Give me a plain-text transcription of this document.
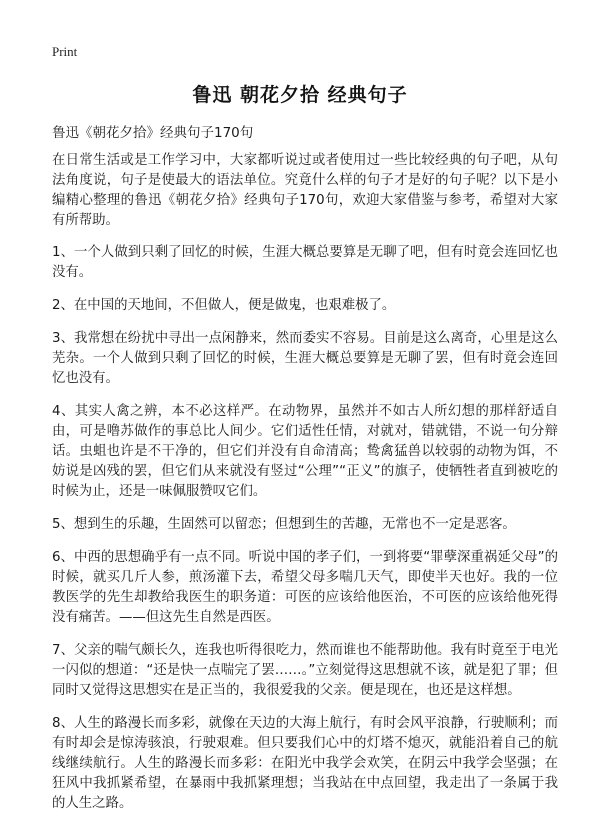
Print
鲁迅 朝花夕拾 经典句子

鲁迅《朝花夕拾》经典句子170句

在日常生活或是工作学习中，大家都听说过或者使用过一些比较经典的句子吧，从句法角度说，句子是使最大的语法单位。究竟什么样的句子才是好的句子呢？以下是小编精心整理的鲁迅《朝花夕拾》经典句子170句，欢迎大家借鉴与参考，希望对大家有所帮助。

1、一个人做到只剩了回忆的时候，生涯大概总要算是无聊了吧，但有时竟会连回忆也没有。

2、在中国的天地间，不但做人，便是做鬼，也艰难极了。

3、我常想在纷扰中寻出一点闲静来，然而委实不容易。目前是这么离奇，心里是这么芜杂。一个人做到只剩了回忆的时候，生涯大概总要算是无聊了罢，但有时竟会连回忆也没有。

4、其实人禽之辨，本不必这样严。在动物界，虽然并不如古人所幻想的那样舒适自由，可是噜苏做作的事总比人间少。它们适性任情，对就对，错就错，不说一句分辩话。虫蛆也许是不干净的，但它们并没有自命清高；鸷禽猛兽以较弱的动物为饵，不妨说是凶残的罢，但它们从来就没有竖过“公理”“正义”的旗子，使牺牲者直到被吃的时候为止，还是一味佩服赞叹它们。

5、想到生的乐趣，生固然可以留恋；但想到生的苦趣，无常也不一定是恶客。

6、中西的思想确乎有一点不同。听说中国的孝子们，一到将要“罪孽深重祸延父母”的时候，就买几斤人参，煎汤灌下去，希望父母多喘几天气，即使半天也好。我的一位教医学的先生却教给我医生的职务道：可医的应该给他医治，不可医的应该给他死得没有痛苦。——但这先生自然是西医。

7、父亲的喘气颇长久，连我也听得很吃力，然而谁也不能帮助他。我有时竟至于电光一闪似的想道：“还是快一点喘完了罢……。”立刻觉得这思想就不该，就是犯了罪；但同时又觉得这思想实在是正当的，我很爱我的父亲。便是现在，也还是这样想。

8、人生的路漫长而多彩，就像在天边的大海上航行，有时会风平浪静，行驶顺利；而有时却会是惊涛骇浪，行驶艰难。但只要我们心中的灯塔不熄灭，就能沿着自己的航线继续航行。人生的路漫长而多彩：在阳光中我学会欢笑，在阴云中我学会坚强；在狂风中我抓紧希望，在暴雨中我抓紧理想；当我站在中点回望，我走出了一条属于我的人生之路。
